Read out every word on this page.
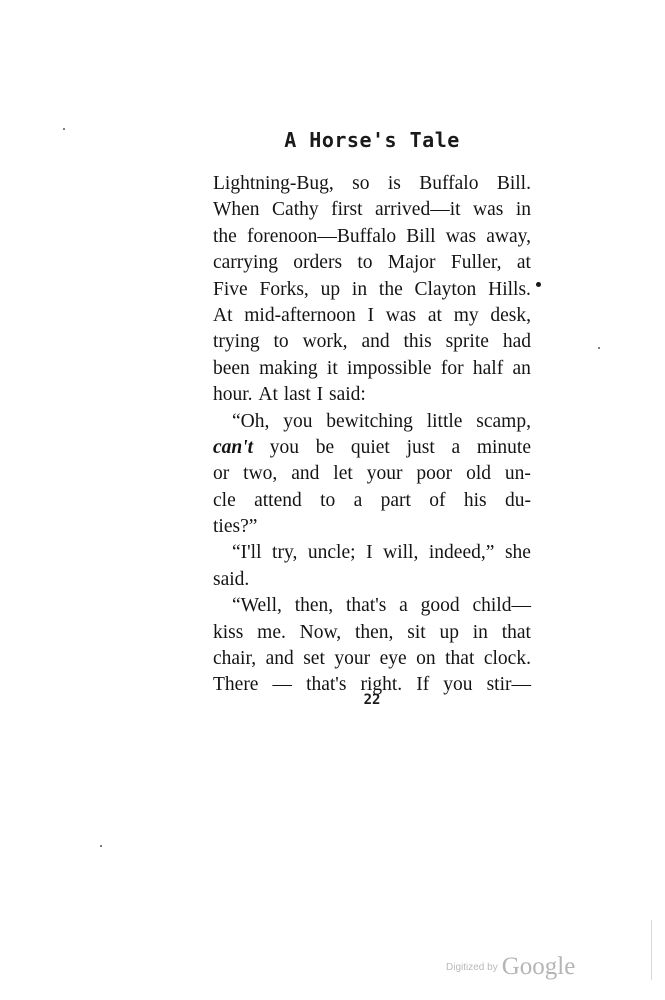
A Horse's Tale
Lightning-Bug, so is Buffalo Bill.
When Cathy first arrived—it was in
the forenoon—Buffalo Bill was away,
carrying orders to Major Fuller, at
Five Forks, up in the Clayton Hills.
At mid-afternoon I was at my desk,
trying to work, and this sprite had
been making it impossible for half an
hour. At last I said:
“Oh, you bewitching little scamp,
can't you be quiet just a minute
or two, and let your poor old un-
cle attend to a part of his du-
ties?”
“I'll try, uncle; I will, indeed,” she
said.
“Well, then, that's a good child—
kiss me. Now, then, sit up in that
chair, and set your eye on that clock.
There — that's right. If you stir—
22
$^{Digitized by}$ Google
